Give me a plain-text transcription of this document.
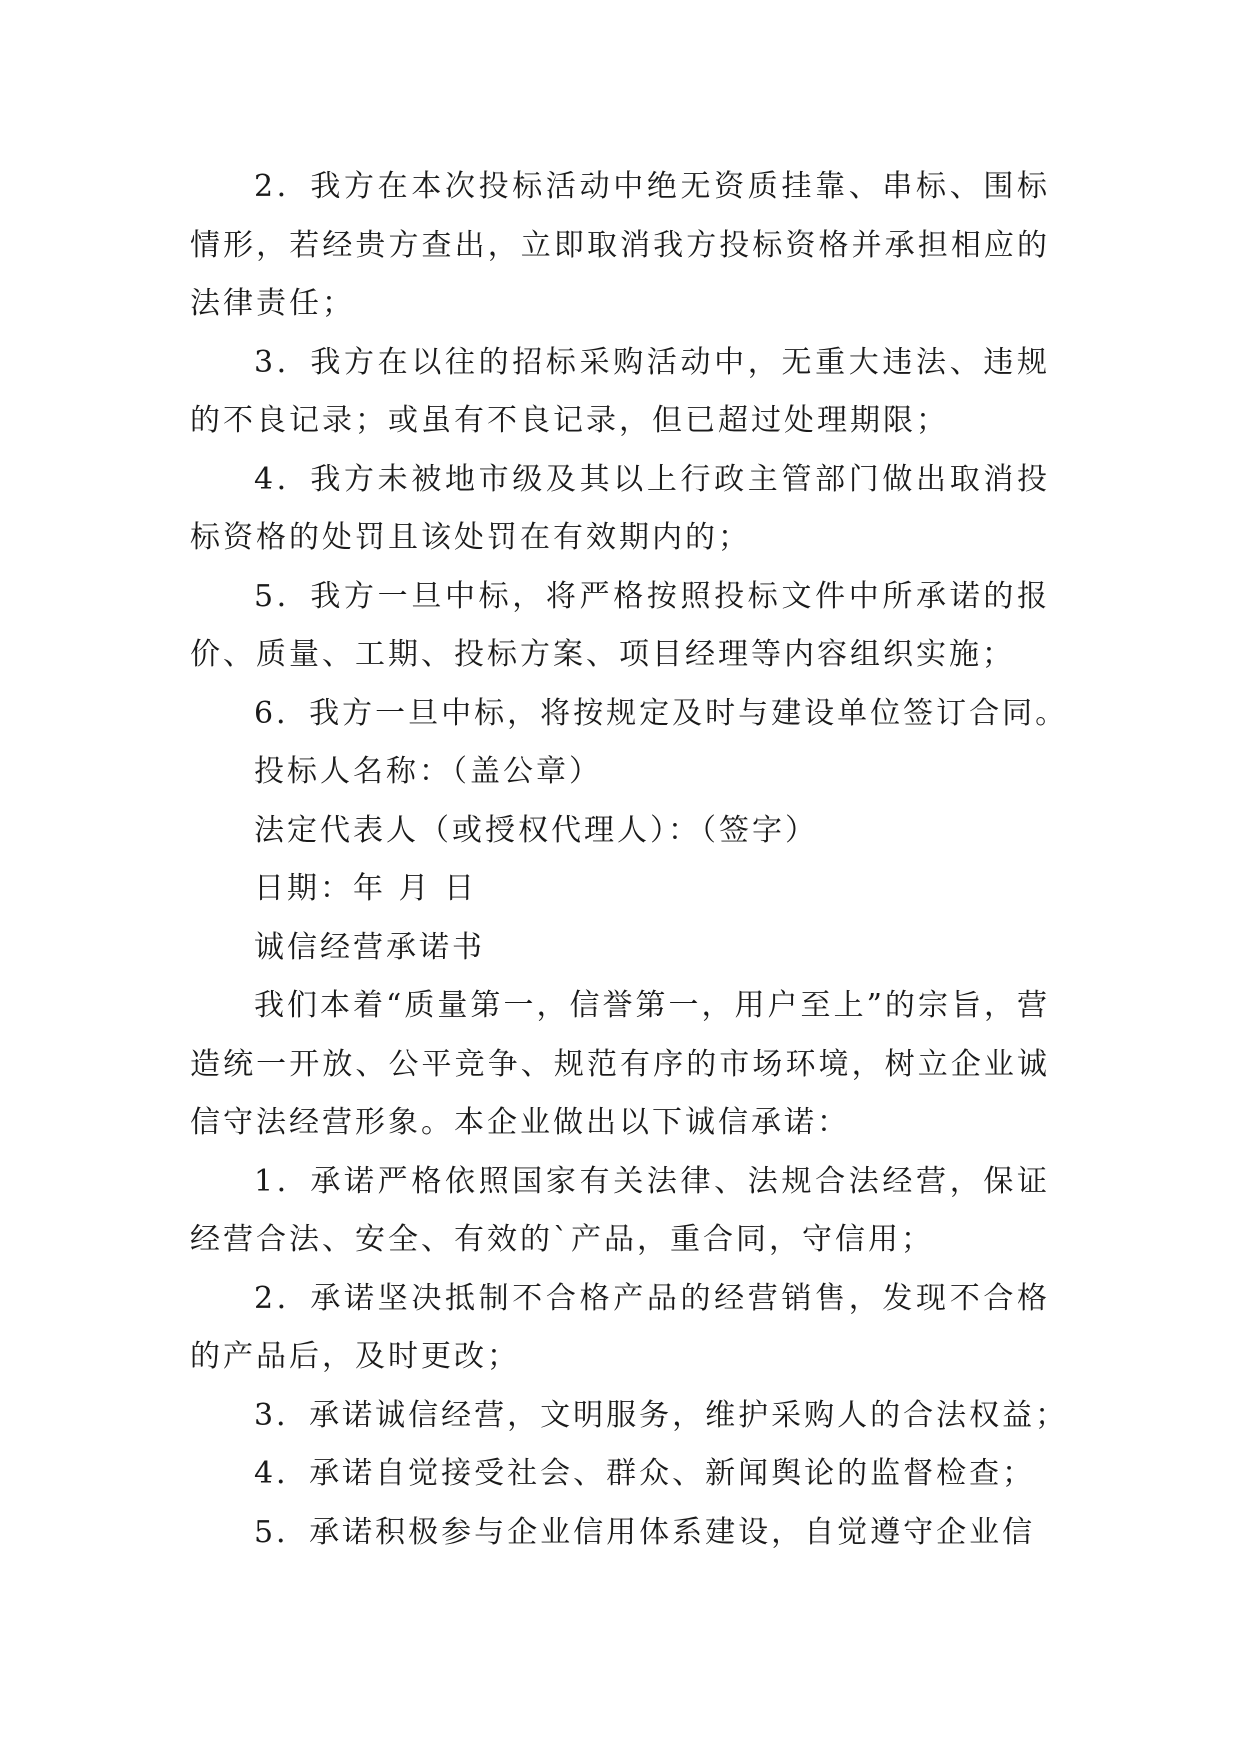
2．我方在本次投标活动中绝无资质挂靠、串标、围标情形，若经贵方查出，立即取消我方投标资格并承担相应的法律责任；

3．我方在以往的招标采购活动中，无重大违法、违规的不良记录；或虽有不良记录，但已超过处理期限；

4．我方未被地市级及其以上行政主管部门做出取消投标资格的处罚且该处罚在有效期内的；

5．我方一旦中标，将严格按照投标文件中所承诺的报价、质量、工期、投标方案、项目经理等内容组织实施；

6．我方一旦中标，将按规定及时与建设单位签订合同。

投标人名称：（盖公章）

法定代表人（或授权代理人）：（签字）

日期：年 月 日

诚信经营承诺书

我们本着“质量第一，信誉第一，用户至上”的宗旨，营造统一开放、公平竞争、规范有序的市场环境，树立企业诚信守法经营形象。本企业做出以下诚信承诺：

1．承诺严格依照国家有关法律、法规合法经营，保证经营合法、安全、有效的`产品，重合同，守信用；

2．承诺坚决抵制不合格产品的经营销售，发现不合格的产品后，及时更改；

3．承诺诚信经营，文明服务，维护采购人的合法权益；

4．承诺自觉接受社会、群众、新闻舆论的监督检查；

5．承诺积极参与企业信用体系建设，自觉遵守企业信
